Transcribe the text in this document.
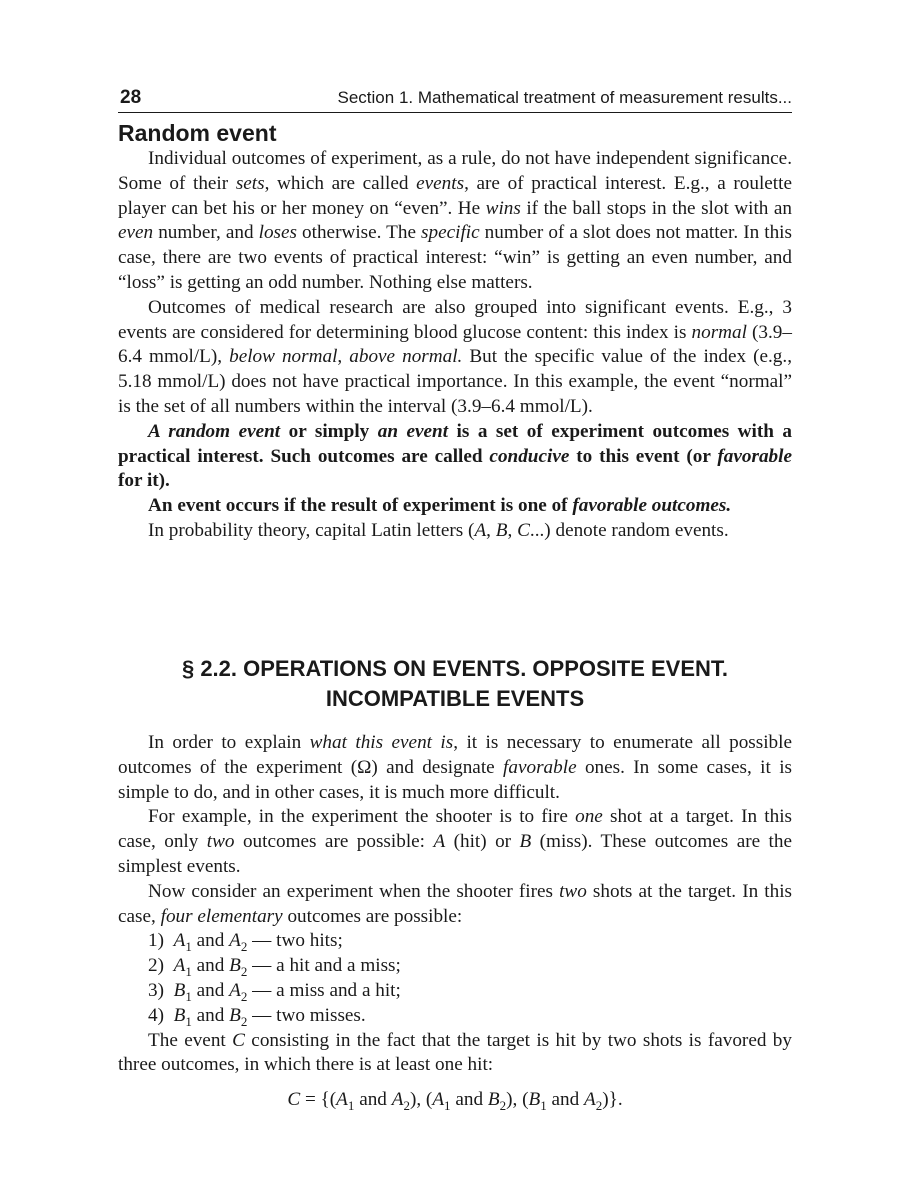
28	Section 1. Mathematical treatment of measurement results...
Random event

Individual outcomes of experiment, as a rule, do not have independent significance. Some of their sets, which are called events, are of practical interest. E.g., a roulette player can bet his or her money on “even”. He wins if the ball stops in the slot with an even number, and loses otherwise. The specific number of a slot does not matter. In this case, there are two events of practical interest: “win” is getting an even number, and “loss” is getting an odd number. Nothing else matters.

Outcomes of medical research are also grouped into significant events. E.g., 3 events are considered for determining blood glucose content: this index is normal (3.9–6.4 mmol/L), below normal, above normal. But the specific value of the index (e.g., 5.18 mmol/L) does not have practical importance. In this example, the event “normal” is the set of all numbers within the interval (3.9–6.4 mmol/L).

A random event or simply an event is a set of experiment outcomes with a practical interest. Such outcomes are called conducive to this event (or favorable for it).

An event occurs if the result of experiment is one of favorable outcomes.

In probability theory, capital Latin letters (A, B, C...) denote random events.

§ 2.2. OPERATIONS ON EVENTS. OPPOSITE EVENT.
INCOMPATIBLE EVENTS

In order to explain what this event is, it is necessary to enumerate all possible outcomes of the experiment (Ω) and designate favorable ones. In some cases, it is simple to do, and in other cases, it is much more difficult.

For example, in the experiment the shooter is to fire one shot at a target. In this case, only two outcomes are possible: A (hit) or B (miss). These outcomes are the simplest events.

Now consider an experiment when the shooter fires two shots at the target. In this case, four elementary outcomes are possible:

1) $A_1$ and $A_2$ — two hits;

2) $A_1$ and $B_2$ — a hit and a miss;

3) $B_1$ and $A_2$ — a miss and a hit;

4) $B_1$ and $B_2$ — two misses.

The event C consisting in the fact that the target is hit by two shots is favored by three outcomes, in which there is at least one hit:

$C = \{(A_1$ and $A_2$), ($A_1$ and $B_2$), ($B_1$ and $A_2$)}.
